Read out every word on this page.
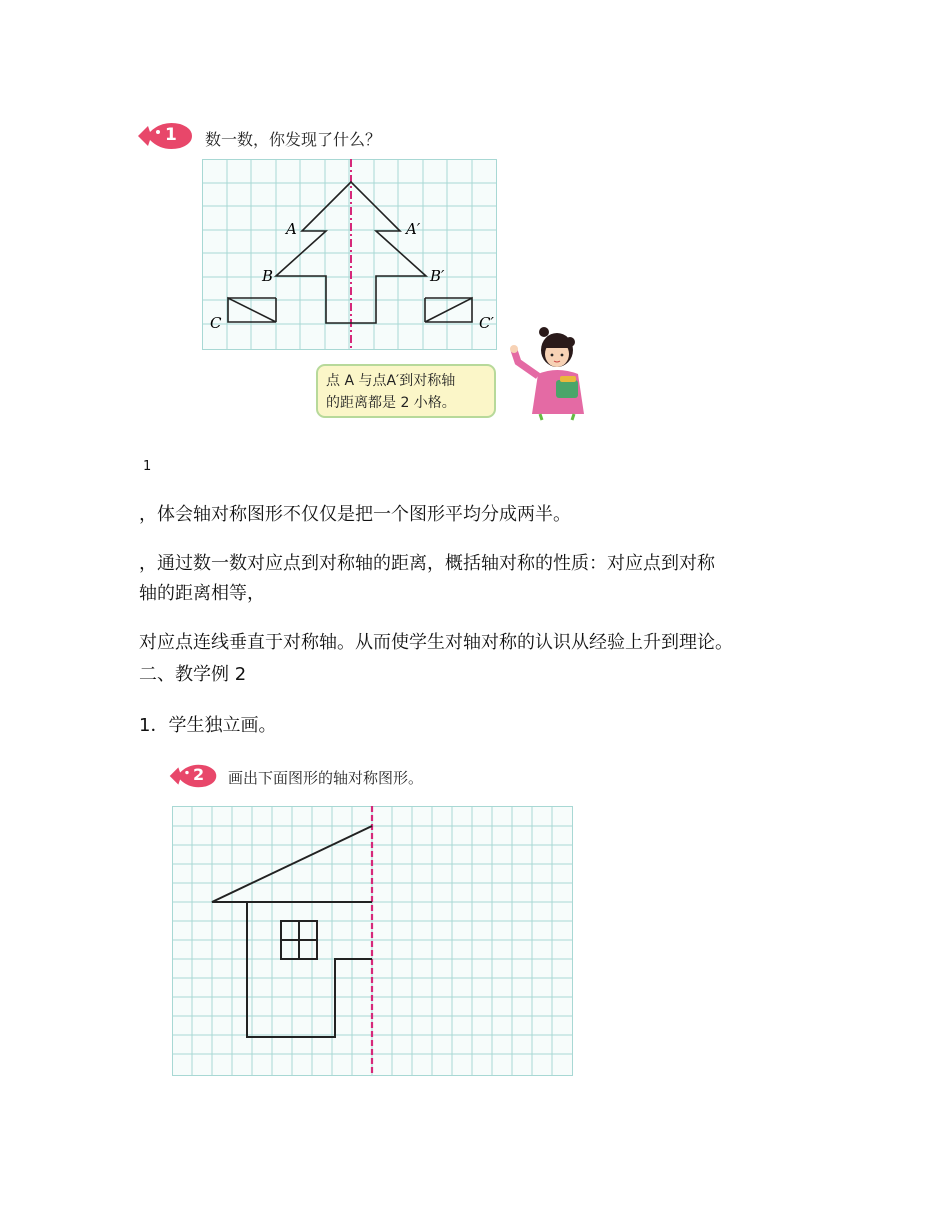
1 数一数，你发现了什么？
A	A′
B	B′
C	C′
点 A 与点A′到对称轴
的距离都是 2 小格。
1
，体会轴对称图形不仅仅是把一个图形平均分成两半。
，通过数一数对应点到对称轴的距离，概括轴对称的性质：对应点到对称
轴的距离相等，
对应点连线垂直于对称轴。从而使学生对轴对称的认识从经验上升到理论。
二、教学例 2
1．学生独立画。
2 画出下面图形的轴对称图形。
